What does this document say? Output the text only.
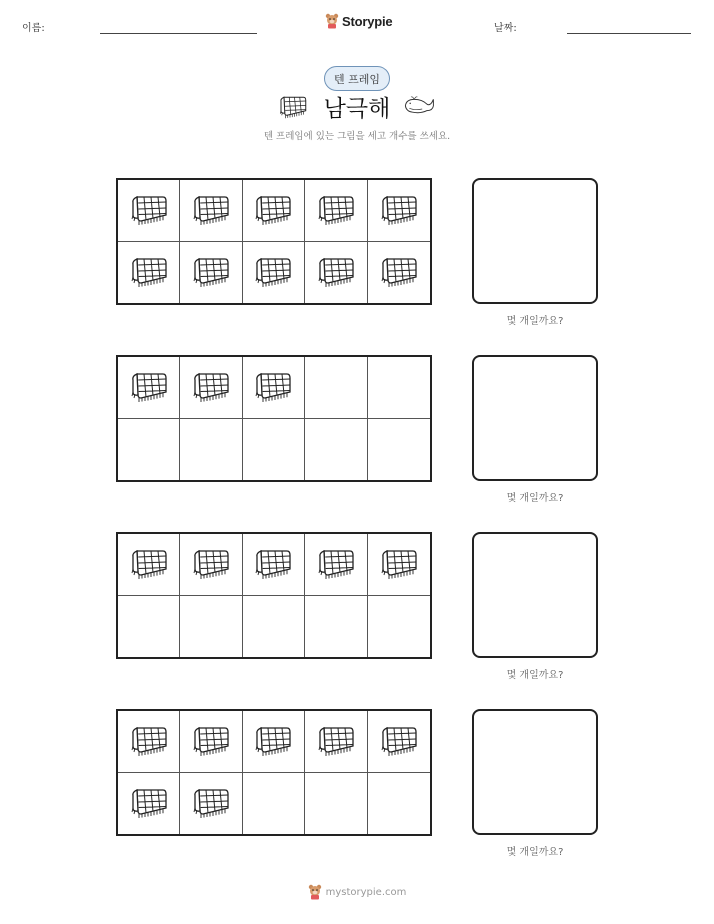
이름:	Storypie	날짜:
텐 프레임
남극해
텐 프레임에 있는 그림을 세고 개수를 쓰세요.
몇 개일까요?
몇 개일까요?
몇 개일까요?
몇 개일까요?
mystorypie.com
